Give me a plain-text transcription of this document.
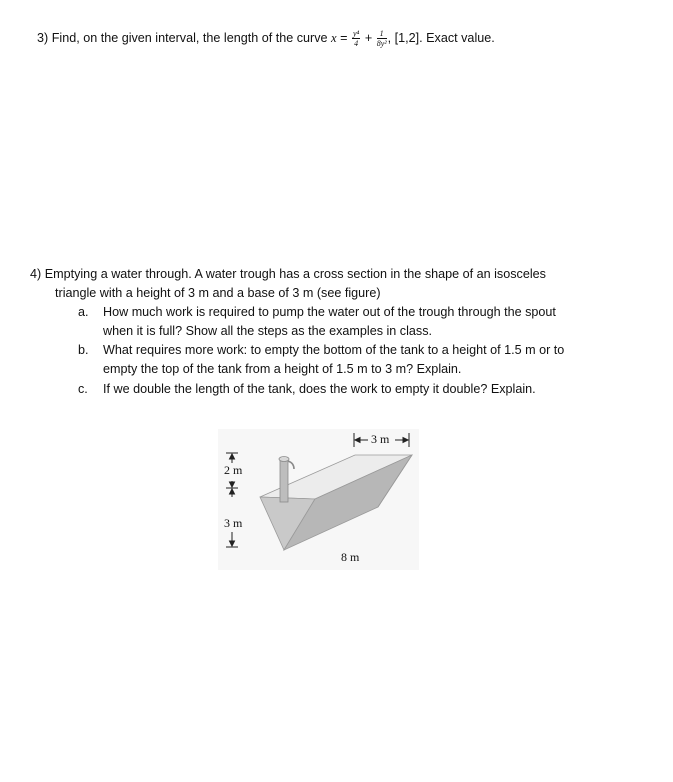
3) Find, on the given interval, the length of the curve $x = \frac{\text{y⁴}}{4} + \frac{1}{\text{8y²}}$ , [1,2]. Exact value.
4) Emptying a water through. A water trough has a cross section in the shape of an isosceles
triangle with a height of 3 m and a base of 3 m (see figure)
a. How much work is required to pump the water out of the trough through the spout
when it is full? Show all the steps as the examples in class.
b. What requires more work: to empty the bottom of the tank to a height of 1.5 m or to
empty the top of the tank from a height of 1.5 m to 3 m? Explain.
c. If we double the length of the tank, does the work to empty it double? Explain.
3 m
2 m
3 m
8 m
